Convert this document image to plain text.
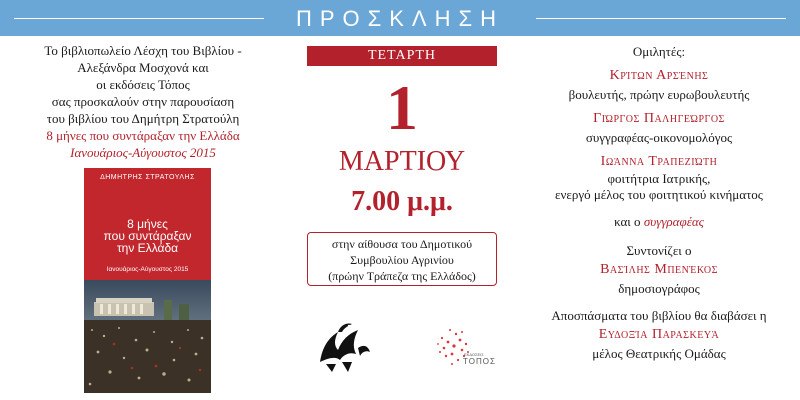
ΠΡΟΣΚΛΗΣΗ
Το βιβλιοπωλείο Λέσχη του Βιβλίου -
Αλεξάνδρα Μοσχονά και
οι εκδόσεις Τόπος
σας προσκαλούν στην παρουσίαση
του βιβλίου του Δημήτρη Στρατούλη
8 μήνες που συντάραξαν την Ελλάδα
Ιανουάριος-Αύγουστος 2015
ΔΗΜΗΤΡΗΣ ΣΤΡΑΤΟΥΛΗΣ
8 μήνες
που συντάραξαν
την Ελλάδα
Ιανουάριος-Αύγουστος 2015
ΤΕΤΑΡΤΗ
1
ΜΑΡΤΙΟΥ
7.00 μ.μ.
στην αίθουσα του Δημοτικού
Συμβουλίου Αγρινίου
(πρώην Τράπεζα της Ελλάδος)
ΕΚΔΟΣΕΙΣ
ΤΟΠΟΣ
Ομιλητές:
Κρίτων Αρσένης
βουλευτής, πρώην ευρωβουλευτής
Γιώργος Παληγεώργος
συγγραφέας-οικονομολόγος
Ιωάννα Τραπεζιώτη
φοιτήτρια Ιατρικής,
ενεργό μέλος του φοιτητικού κινήματος
και ο συγγραφέας
Συντονίζει ο
Βασίλης Μπενέκος
δημοσιογράφος
Αποσπάσματα του βιβλίου θα διαβάσει η
Ευδοξία Παρασκευά
μέλος Θεατρικής Ομάδας
